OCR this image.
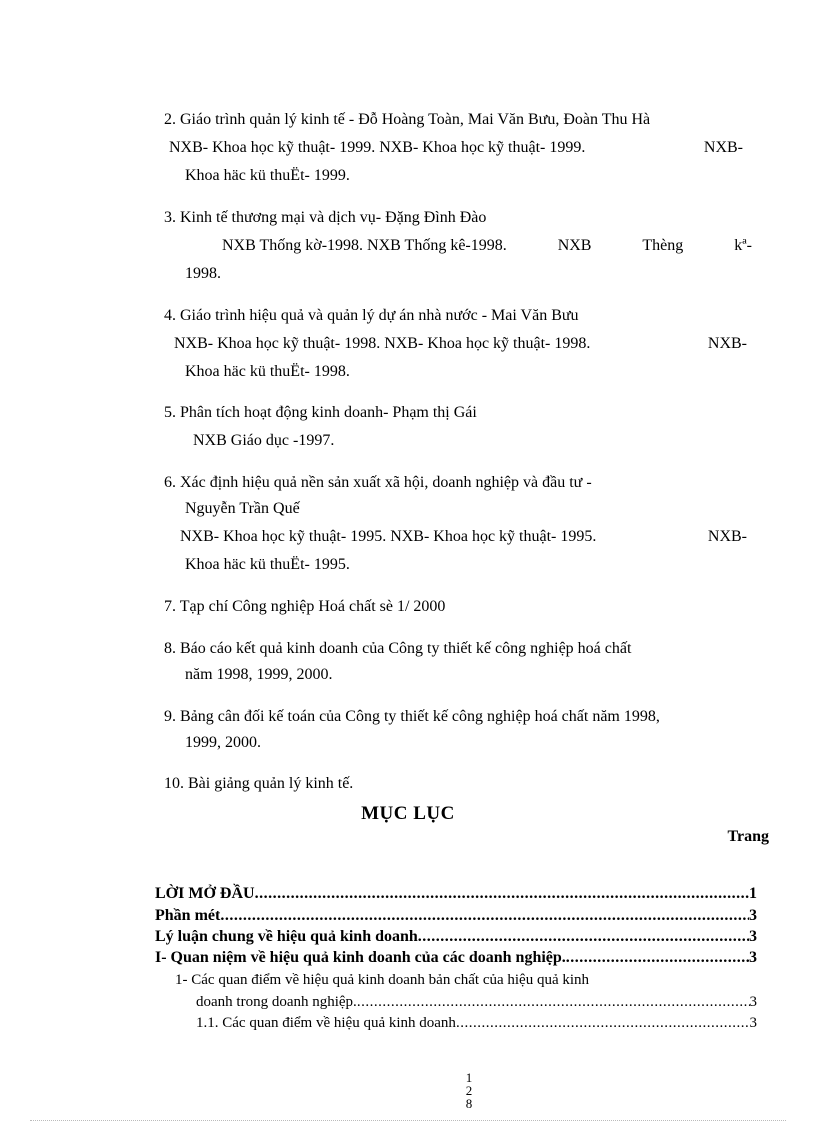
2. Giáo trình quản lý kinh tế - Đỗ Hoàng Toàn, Mai Văn Bưu, Đoàn Thu Hà
NXB- Khoa học kỹ thuật- 1999. NXB- Khoa học kỹ thuật- 1999.	NXB-
Khoa häc kü thuËt- 1999.
3. Kinh tế thương mại và dịch vụ- Đặng Đình Đào
NXB Thống kờ-1998. NXB Thống kê-1998.	NXB	Thèng	kª-
1998.
4. Giáo trình hiệu quả và quản lý dự án nhà nước - Mai Văn Bưu
NXB- Khoa học kỹ thuật- 1998. NXB- Khoa học kỹ thuật- 1998.	NXB-
Khoa häc kü thuËt- 1998.
5. Phân tích hoạt động kinh doanh- Phạm thị Gái
NXB Giáo dục -1997.
6. Xác định hiệu quả nền sản xuất xã hội, doanh nghiệp và đầu tư -
Nguyễn Trần Quế
NXB- Khoa học kỹ thuật- 1995. NXB- Khoa học kỹ thuật- 1995.	NXB-
Khoa häc kü thuËt- 1995.
7. Tạp chí Công nghiệp Hoá chất sè 1/ 2000
8. Báo cáo kết quả kinh doanh của Công ty thiết kế công nghiệp hoá chất
năm 1998, 1999, 2000.
9. Bảng cân đối kế toán của Công ty thiết kế công nghiệp hoá chất năm 1998,
1999, 2000.
10. Bài giảng quản lý kinh tế.
MỤC LỤC
Trang
LỜI MỞ ĐẦU .....	1
Phần mét .....	3
Lý luận chung về hiệu quả kinh doanh .....	3
I- Quan niệm về hiệu quả kinh doanh của các doanh nghiệp. .....	3
1- Các quan điểm về hiệu quả kinh doanh bản chất của hiệu quả kinh
doanh trong doanh nghiệp. .....	3
1.1. Các quan điểm về hiệu quả kinh doanh .....	3
1
2
8
